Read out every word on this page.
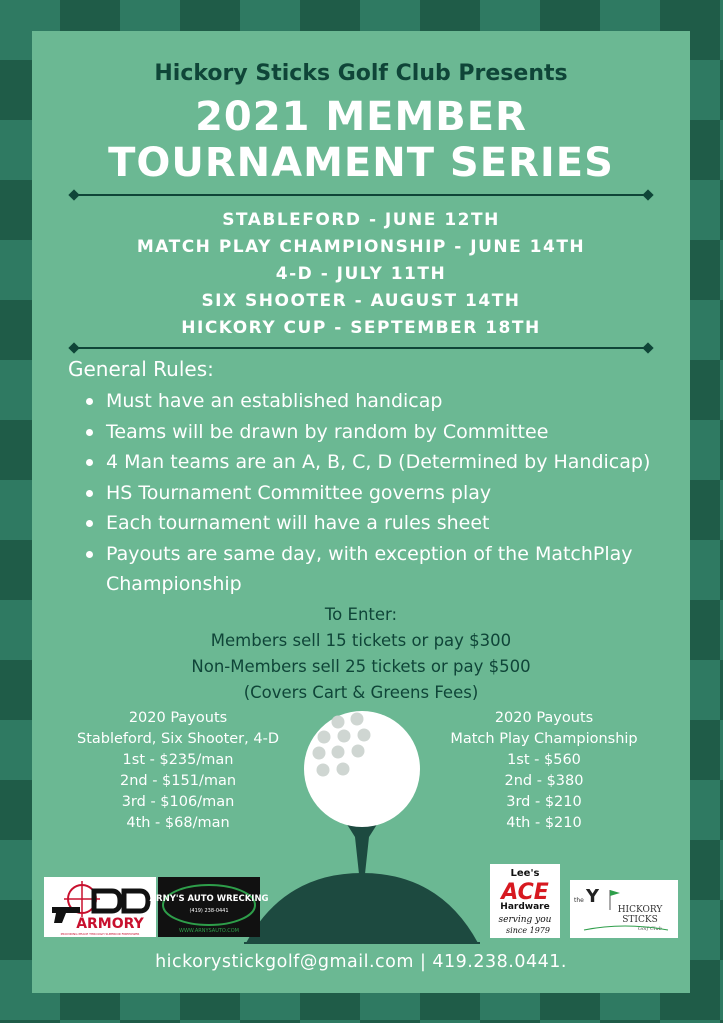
Hickory Sticks Golf Club Presents
2021 MEMBER
TOURNAMENT SERIES
STABLEFORD - JUNE 12TH
MATCH PLAY CHAMPIONSHIP - JUNE 14TH
4-D - JULY 11TH
SIX SHOOTER - AUGUST 14TH
HICKORY CUP - SEPTEMBER 18TH
General Rules:
Must have an established handicap
Teams will be drawn by random by Committee
4 Man teams are an A, B, C, D (Determined by Handicap)
HS Tournament Committee governs play
Each tournament will have a rules sheet
Payouts are same day, with exception of the MatchPlay Championship
To Enter:
Members sell 15 tickets or pay $300
Non-Members sell 25 tickets or pay $500
(Covers Cart & Greens Fees)
2020 Payouts
Stableford, Six Shooter, 4-D
1st - $235/man
2nd - $151/man
3rd - $106/man
4th - $68/man
2020 Payouts
Match Play Championship
1st - $560
2nd - $380
3rd - $210
4th - $210
ARMORY
PROVIDING PEACE THROUGH SUPERIOR FIREPOWER
ARNY'S AUTO WRECKING
(419) 238-0441
WWW.ARNYSAUTO.COM
Lee's
ACE
Hardware
serving you
since 1979
the Y
HICKORY
STICKS
Golf Club
hickorystickgolf@gmail.com | 419.238.0441.
